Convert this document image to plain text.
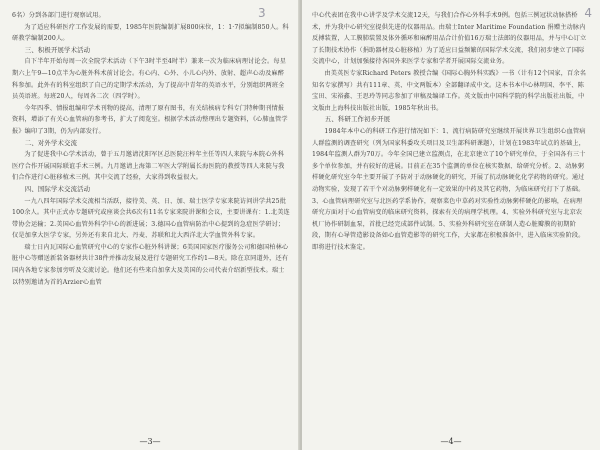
3

6名）分到各部门进行观察试用。

为了适应科研医疗工作发展的需要，1985年医院编制扩展800床位，1：1·7拟编制850人。科研教学编制200人。

三、积极开展学术活动

自下半年开始每周一次全院学术活动（下午3时半至4时半）兼来一次为临床病理讨论会。每星期六上午9—10点半为心脏外科术前讨论会。有心内、心外、小儿心内外、放射、超声心动及麻醉科参加。此外有的科室组织了自己的定期学术活动，为了提高中青年的英语水平，分别组织两班全员英语班。每班20人，每周各二次（四学时）。

今年四季、情报组编印学术刊物的提高，清理了原有图书，有关结核病专科专门特种期刊情报资料，增添了有关心血管病的参考书，扩大了阅览室。根据学术活动整理出专题资料，《心肺血管学报》编印了3期，仍为内部发行。

二、对外学术交流

为了促进我中心学术活动，曾于五月邀请沈阳军区总医院汪梓年主任等四人来院与本院心外科医疗合作开展国际联谊手术三例。九月邀请上海第二军医大学附属长海医院的教授等四人来院与我们合作进行心脏移植术三例。其中交流了经验，大家得到收益很大。

四、国际学术交流活动

一九八四年国际学术交流相当活跃，接待美、英、日、加、瑞士医学专家来院访问讲学共25批100余人。其中正式办专题研究或座谈会共6次有11名专家来院讲课和会议，主要讲课有：1.北美连带协会运输；2.美国心血管外科学中心的新进展；3.德国心血管病防治中心提到的急症医学研讨；仅是加拿大医学专家，另外还有来自北大、丹麦、苏联和北大西洋北大学血管外科专家。

瑞士日内瓦国际心血管研究中心的专家作心脏外科讲课；6美国国家医疗服务公司和德国柏林心脏中心等赠送新装备器材共计38件并推动发展及进行专题研究工作约1—8天。除在京同道外，还有国内各地专家参加旁听及交流讨论。他们还有些来自加拿大及美国的公司代表介绍新型技术。瑞士以特别邀请为首的Arzier心血管

—3—
4

中心代表团在我中心讲学及学术交流12天，与我们合作心外科手术9例。包括三例冠状动脉搭桥术，并为我中心研究室提供先进的仪器用品。由瑞士Inter Maritime Foundation 捐赠主动脉内反搏装置，人工膜肺装置及体外循环和麻醉用品合计价值16万瑞士法郎的仪器用品，并与中心订立了长期技术协作（捐助器材及心脏移植）为了适应日益频繁的国际学术交流，我们初步建立了国际交流中心，计划加强接待各国外来医学专家和学者开展国际交流业务。

由美英医专家Richard Peters 教授合编《国际心胸外科实践》一书（计有12个国家，百余名知名专家撰写）共有111章、英、中文两版本）全部翻译成中文。这本书本中心林明国、李平、陈宝田、宋裕鑫、王思玲等同志参加了审稿及编译工作。英文版由中国科学院的科学出版社出版，中文版由上海科技出版社出版，1985年秋出书。

五、科研工作初步开展

1984年本中心的科研工作进行情况如下：1、流行病防研究室继续开展世界卫生组织心血管病人群监测的调查研究（列为国家科委攻关项目及卫生部科研课题），计划在1983年试点的基础上，1984年监测人群为70万。今年全国已建立监测点，在北京建立了10个研究单位，于全国各有三十多个单位参加，并有较好的进展。目前正在35个监测的单位在核实数据、给研究分析。2、动脉粥样硬化研究室今年主要开展了予防对于动脉硬化的研究，开展了抗动脉硬化化学药物的研究。通过动物实验，发现了若干个对动脉粥样硬化有一定效果的中药及其它药物，为临床研究打下了基础。3、心血管病理研究室与北医药学系协作，观察菜色中草药对实验性动脉粥样硬化的影响，在病理研究方面对于心血管病变的临床研究资料，探索有关的病理学机理。4、实验外科研究室与北京农机厂协作研制血泵，首批已经完成部件试制。5、实验外科研究室在研制人造心脏瓣膜的初期阶段，期有心导管造影设备如心血管造影等的研究工作，大家都在积极准备中，进入临床实验阶段。即将进行技术鉴定。

—4—
